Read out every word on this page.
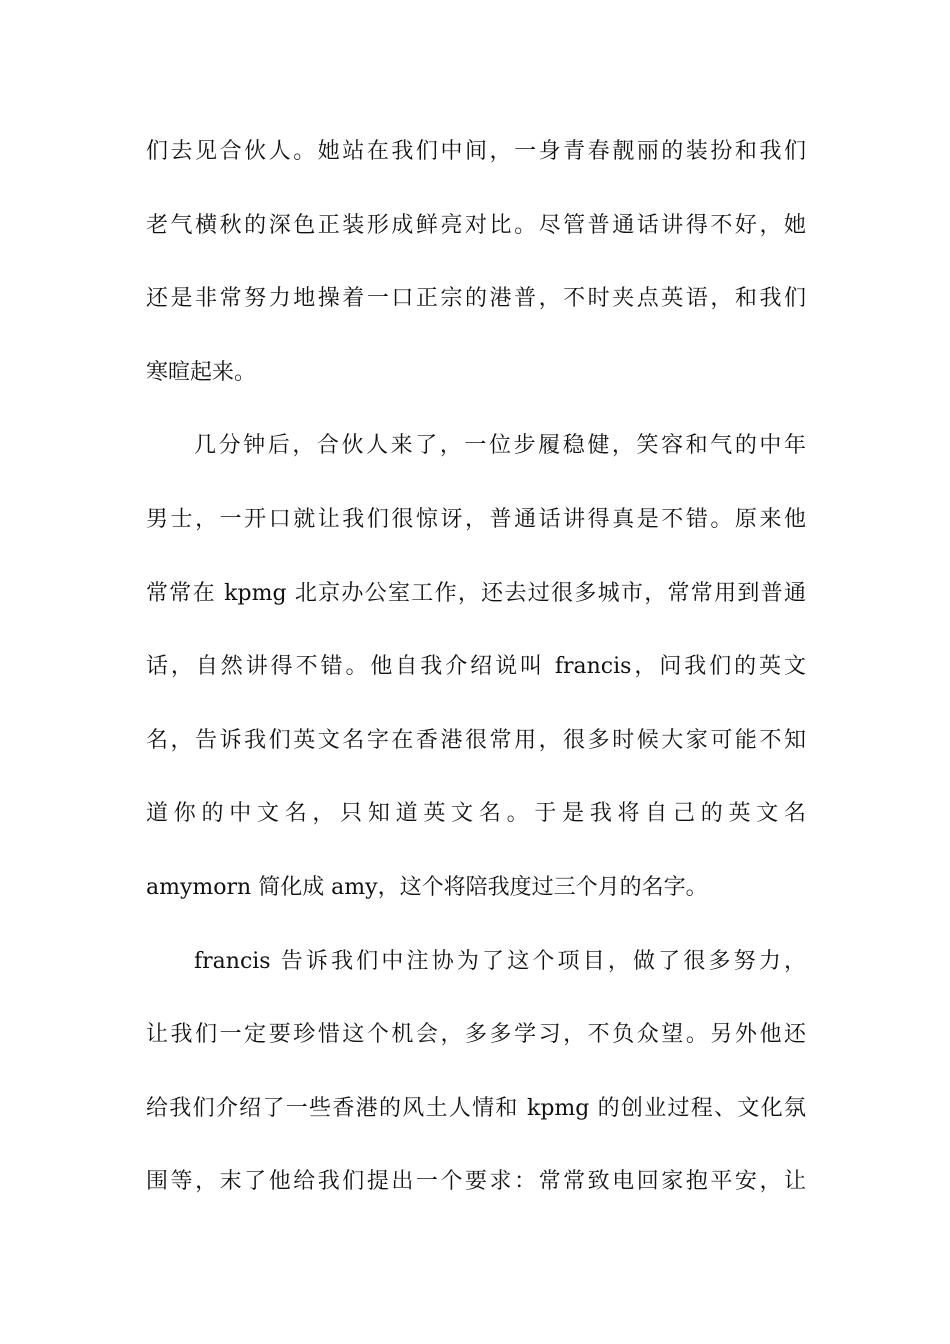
们去见合伙人。她站在我们中间，一身青春靓丽的装扮和我们
老气横秋的深色正装形成鲜亮对比。尽管普通话讲得不好，她
还是非常努力地操着一口正宗的港普，不时夹点英语，和我们
寒暄起来。
几分钟后，合伙人来了，一位步履稳健，笑容和气的中年
男士，一开口就让我们很惊讶，普通话讲得真是不错。原来他
常常在 kpmg 北京办公室工作，还去过很多城市，常常用到普通
话，自然讲得不错。他自我介绍说叫 francis，问我们的英文
名，告诉我们英文名字在香港很常用，很多时候大家可能不知
道你的中文名，只知道英文名。于是我将自己的英文名
amymorn 简化成 amy，这个将陪我度过三个月的名字。
francis 告诉我们中注协为了这个项目，做了很多努力，
让我们一定要珍惜这个机会，多多学习，不负众望。另外他还
给我们介绍了一些香港的风土人情和 kpmg 的创业过程、文化氛
围等，末了他给我们提出一个要求：常常致电回家抱平安，让
